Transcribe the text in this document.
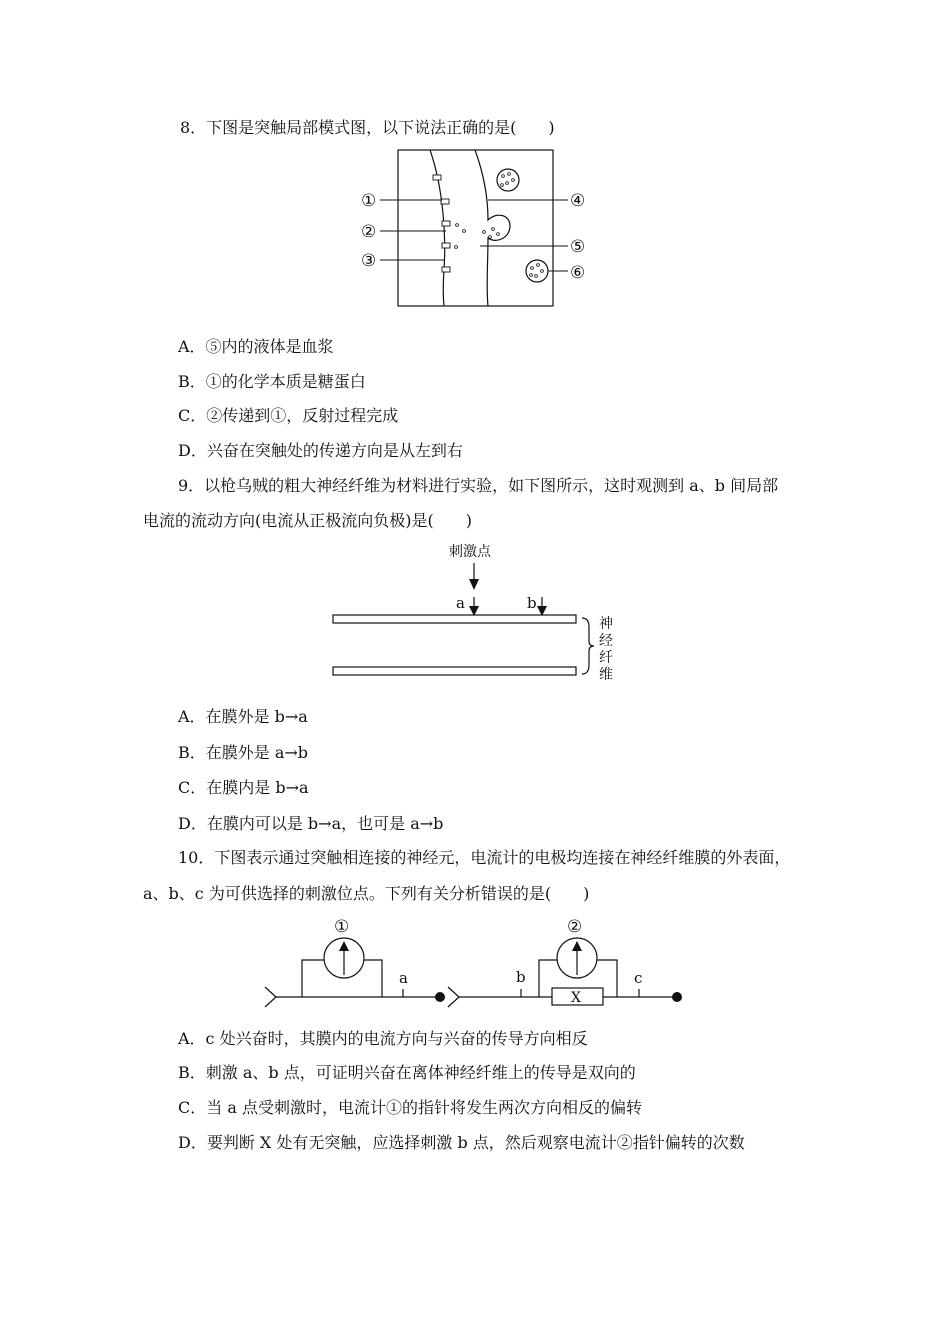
8．下图是突触局部模式图，以下说法正确的是(　　)
①
②
③
④
⑤
⑥
A．⑤内的液体是血浆
B．①的化学本质是糖蛋白
C．②传递到①，反射过程完成
D．兴奋在突触处的传递方向是从左到右
9．以枪乌贼的粗大神经纤维为材料进行实验，如下图所示，这时观测到 a、b 间局部
电流的流动方向(电流从正极流向负极)是(　　)
刺激点
a	b
神
经
纤
维
A．在膜外是 b→a
B．在膜外是 a→b
C．在膜内是 b→a
D．在膜内可以是 b→a，也可是 a→b
10．下图表示通过突触相连接的神经元，电流计的电极均连接在神经纤维膜的外表面，
a、b、c 为可供选择的刺激位点。下列有关分析错误的是(　　)
①	②
a	b	c
X
A．c 处兴奋时，其膜内的电流方向与兴奋的传导方向相反
B．刺激 a、b 点，可证明兴奋在离体神经纤维上的传导是双向的
C．当 a 点受刺激时，电流计①的指针将发生两次方向相反的偏转
D．要判断 X 处有无突触，应选择刺激 b 点，然后观察电流计②指针偏转的次数
